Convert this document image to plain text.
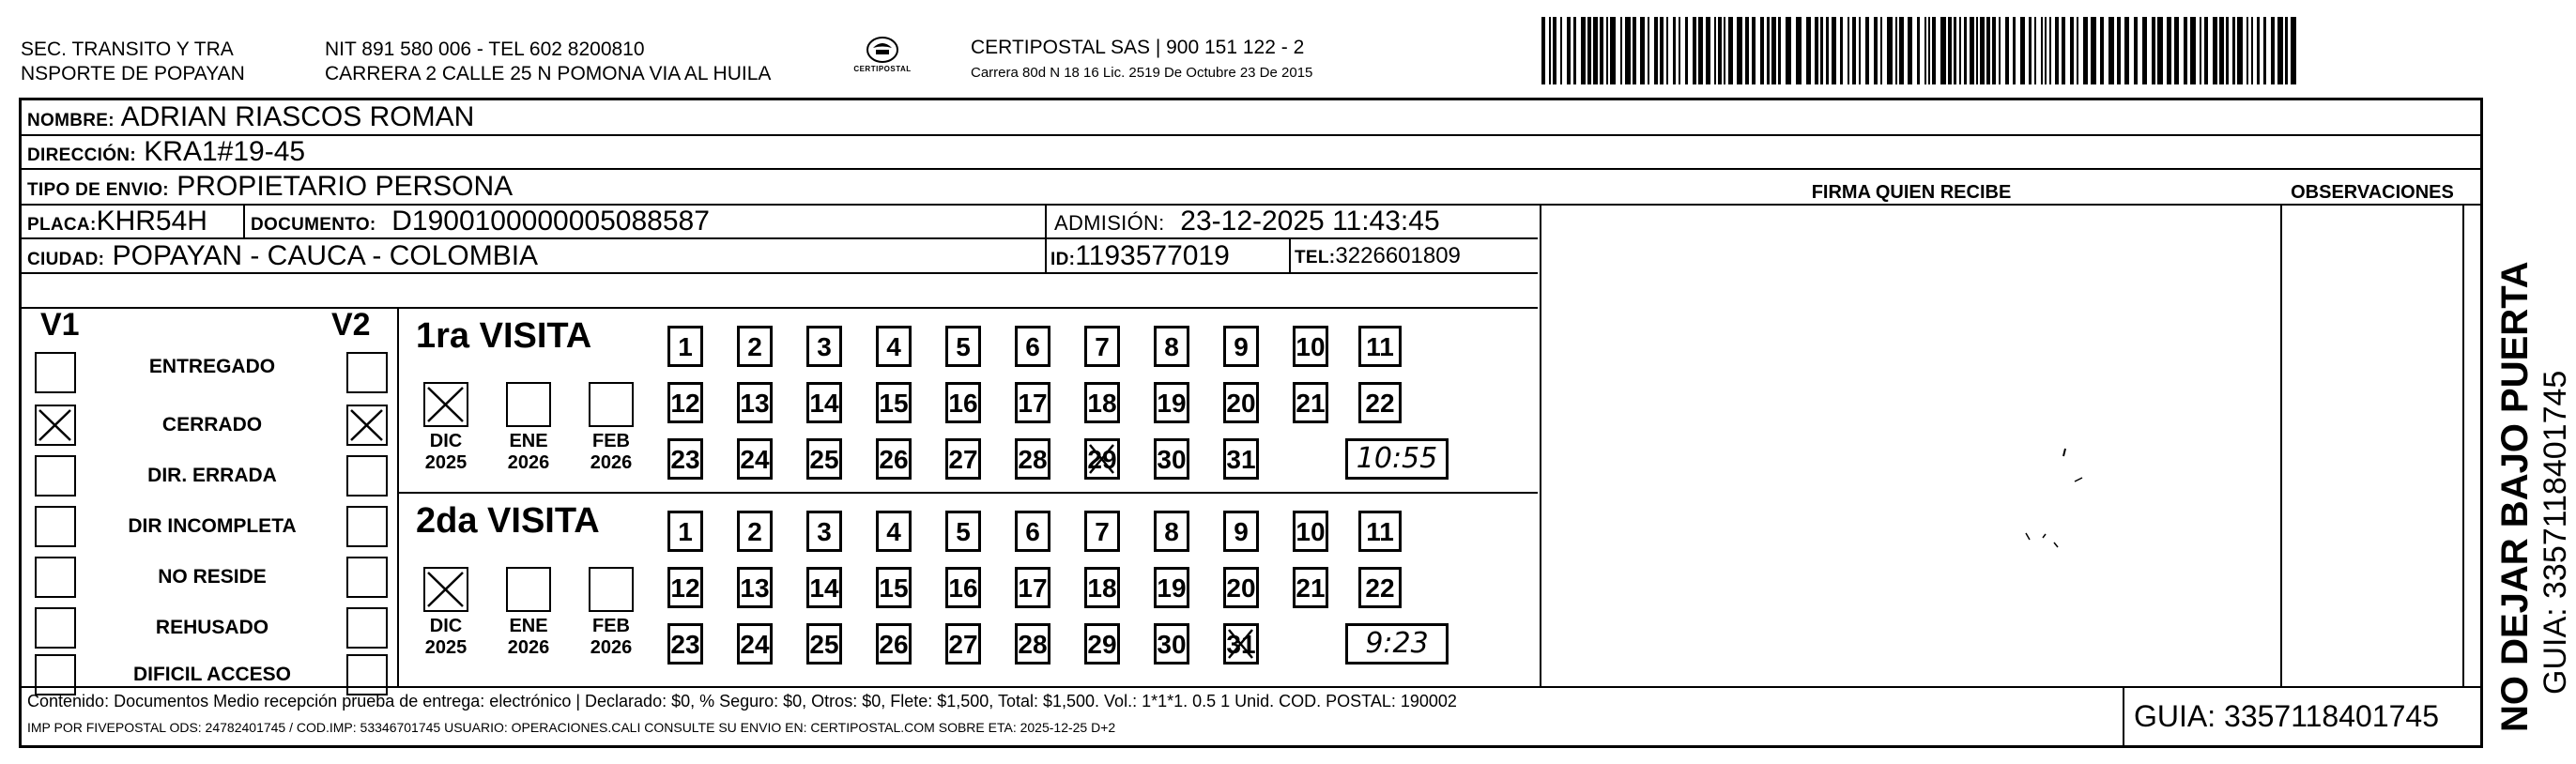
SEC. TRANSITO Y TRA
NSPORTE DE POPAYAN
NIT 891 580 006 - TEL 602 8200810
CARRERA 2 CALLE 25 N POMONA VIA AL HUILA	CERTIPOSTAL
CERTIPOSTAL SAS | 900 151 122 - 2
Carrera 80d N 18 16 Lic. 2519 De Octubre 23 De 2015
NOMBRE: ADRIAN RIASCOS ROMAN
DIRECCIÓN: KRA1#19-45
TIPO DE ENVIO: PROPIETARIO PERSONA
PLACA:KHR54H DOCUMENTO: D1900100000005088587	ADMISIÓN: 23-12-2025 11:43:45
CIUDAD: POPAYAN - CAUCA - COLOMBIA	ID:1193577019	TEL:3226601809
FIRMA QUIEN RECIBE	OBSERVACIONES
V1	V2
ENTREGADO
CERRADO
DIR. ERRADA
DIR INCOMPLETA
NO RESIDE
REHUSADO
DIFICIL ACCESO
1ra VISITA
DIC
2025
ENE
2026
FEB
2026
1	2	3	4	5	6	7	8	9	10 11
12 13 14 15 16 17 18 19 20 21 22
23 24 25 26 27 28 29 30 31	10:55
2da VISITA
DIC
2025
ENE
2026
FEB
2026
1	2	3	4	5	6	7	8	9	10 11
12 13 14 15 16 17 18 19 20 21 22
23 24 25 26 27 28 29 30 31	9:23
Contenido: Documentos Medio recepción prueba de entrega: electrónico | Declarado: $0, % Seguro: $0, Otros: $0, Flete: $1,500, Total: $1,500. Vol.: 1*1*1. 0.5 1 Unid. COD. POSTAL: 190002
IMP POR FIVEPOSTAL ODS: 24782401745 / COD.IMP: 53346701745 USUARIO: OPERACIONES.CALI CONSULTE SU ENVIO EN: CERTIPOSTAL.COM SOBRE ETA: 2025-12-25 D+2	GUIA: 3357118401745 NO DEJAR BAJO PUERTA GUIA: 3357118401745
